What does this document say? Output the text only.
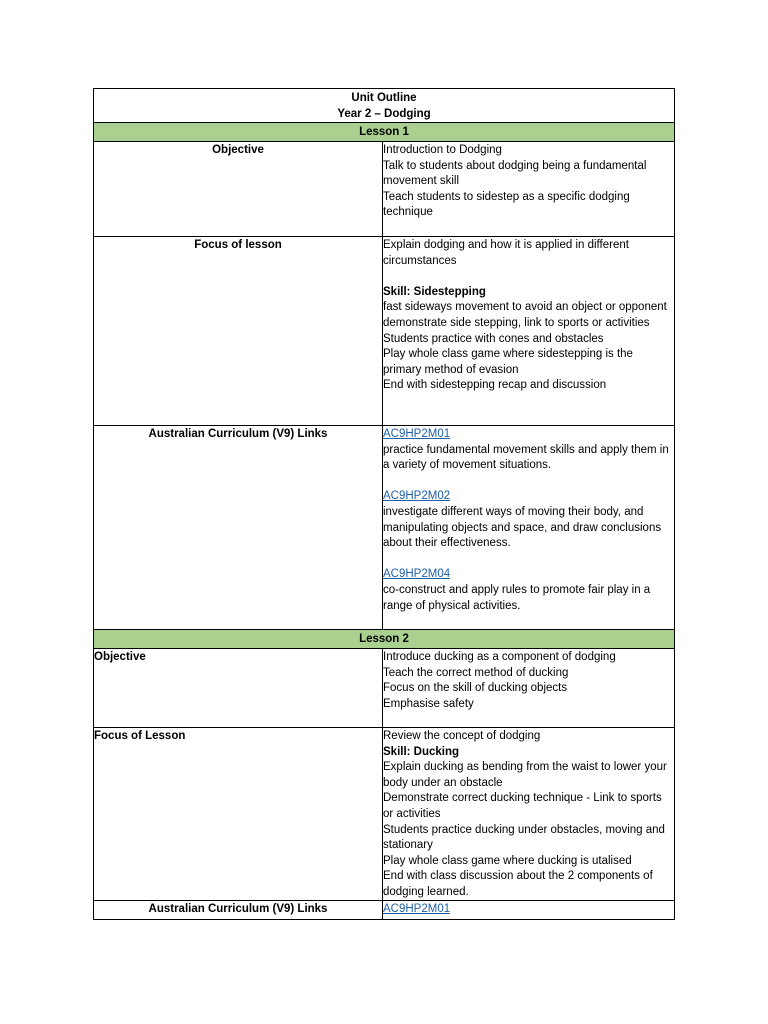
Unit Outline
Year 2 – Dodging
Lesson 1
Objective	Introduction to Dodging

Talk to students about dodging being a fundamental movement skill

Teach students to sidestep as a specific dodging technique

Focus of lesson	Explain dodging and how it is applied in different circumstances

Skill: Sidestepping

fast sideways movement to avoid an object or opponent

demonstrate side stepping, link to sports or activities

Students practice with cones and obstacles

Play whole class game where sidestepping is the primary method of evasion

End with sidestepping recap and discussion

Australian Curriculum (V9) Links	AC9HP2M01

practice fundamental movement skills and apply them in a variety of movement situations.

AC9HP2M02

investigate different ways of moving their body, and manipulating objects and space, and draw conclusions about their effectiveness.

AC9HP2M04

co-construct and apply rules to promote fair play in a range of physical activities.

Lesson 2
Objective	Introduce ducking as a component of dodging

Teach the correct method of ducking

Focus on the skill of ducking objects

Emphasise safety

Focus of Lesson	Review the concept of dodging

Skill: Ducking

Explain ducking as bending from the waist to lower your body under an obstacle

Demonstrate correct ducking technique - Link to sports or activities

Students practice ducking under obstacles, moving and stationary

Play whole class game where ducking is utalised

End with class discussion about the 2 components of dodging learned.

Australian Curriculum (V9) Links	AC9HP2M01
